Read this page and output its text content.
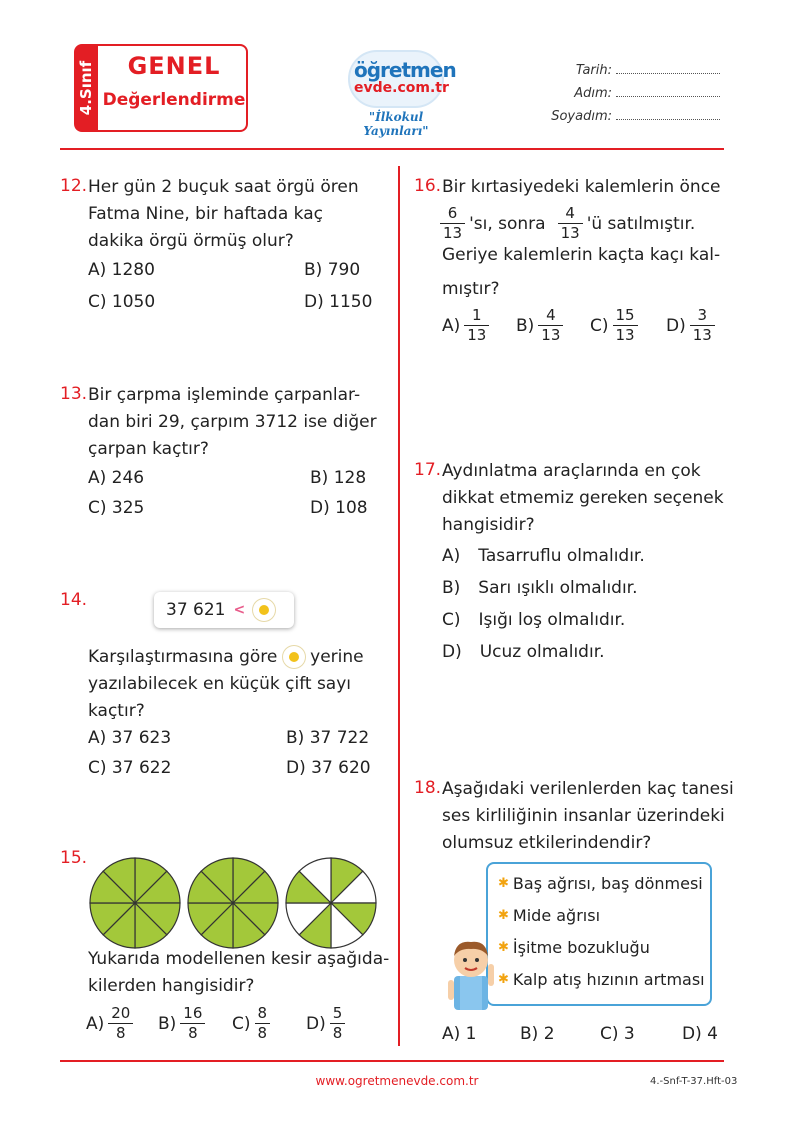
4.Sınıf	GENEL
Değerlendirme
öğretmen
evde.com.tr
"İlkokul Yayınları"
Tarih:
Adım:
Soyadım:
12. Her gün 2 buçuk saat örgü ören
Fatma Nine, bir haftada kaç
dakika örgü örmüş olur?
A) 1280	B) 790
C) 1050	D) 1150
13. Bir çarpma işleminde çarpanlar-
dan biri 29, çarpım 3712 ise diğer
çarpan kaçtır?
A) 246	B) 128
C) 325	D) 108
14.	37 621 <
Karşılaştırmasına göre yerine
yazılabilecek en küçük çift sayı
kaçtır?
A) 37 623	B) 37 722
C) 37 622	D) 37 620
15.
Yukarıda modellenen kesir aşağıda-
kilerden hangisidir?
$A) \frac{20}{8} B) \frac{16}{8} C) \frac{8}{8} D) \frac{5}{8}$
16. Bir kırtasiyedeki kalemlerin önce
$\frac{6}{13}$ 'sı, sonra $\frac{4}{13}$ 'ü satılmıştır.
Geriye kalemlerin kaçta kaçı kal-
mıştır?
$A) \frac{1}{13} B) \frac{4}{13} C) \frac{15}{13} D) \frac{3}{13}$
17. Aydınlatma araçlarında en çok
dikkat etmemiz gereken seçenek
hangisidir?
A) Tasarruflu olmalıdır.
B) Sarı ışıklı olmalıdır.
C) Işığı loş olmalıdır.
D) Ucuz olmalıdır.
18. Aşağıdaki verilenlerden kaç tanesi
ses kirliliğinin insanlar üzerindeki
olumsuz etkilerindendir?
✱ Baş ağrısı, baş dönmesi
✱ Mide ağrısı
✱ İşitme bozukluğu
✱ Kalp atış hızının artması
A) 1	B) 2	C) 3	D) 4
www.ogretmenevde.com.tr	4.-Snf-T-37.Hft-03
